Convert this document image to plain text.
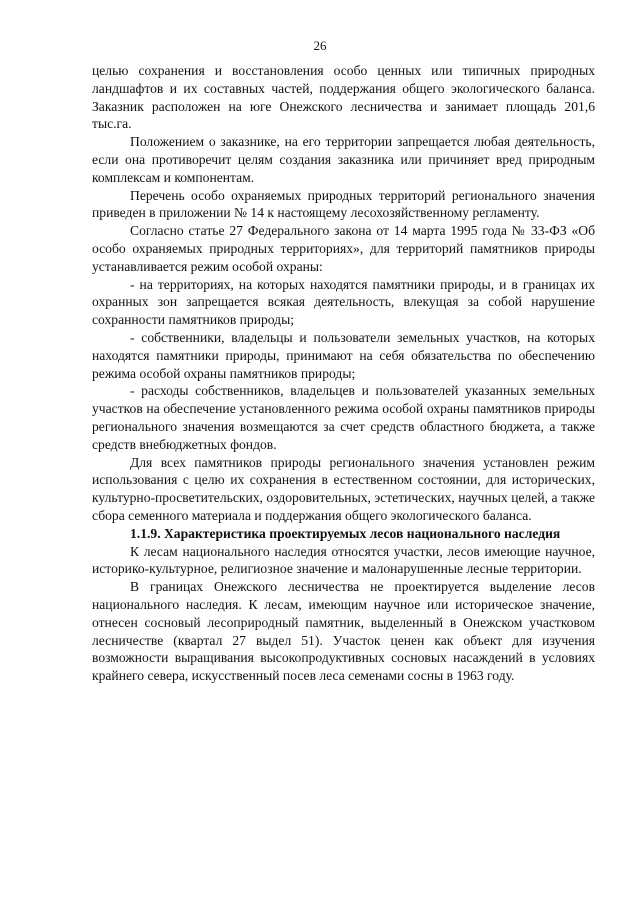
26

целью сохранения и восстановления особо ценных или типичных природных ландшафтов и их составных частей, поддержания общего экологического баланса. Заказник расположен на юге Онежского лесничества и занимает площадь 201,6 тыс.га.

Положением о заказнике, на его территории запрещается любая деятельность, если она противоречит целям создания заказника или причиняет вред природным комплексам и компонентам.

Перечень особо охраняемых природных территорий регионального значения приведен в приложении № 14 к настоящему лесохозяйственному регламенту.

Согласно статье 27 Федерального закона от 14 марта 1995 года № 33-ФЗ «Об особо охраняемых природных территориях», для территорий памятников природы устанавливается режим особой охраны:

- на территориях, на которых находятся памятники природы, и в границах их охранных зон запрещается всякая деятельность, влекущая за собой нарушение сохранности памятников природы;

- собственники, владельцы и пользователи земельных участков, на которых находятся памятники природы, принимают на себя обязательства по обеспечению режима особой охраны памятников природы;

- расходы собственников, владельцев и пользователей указанных земельных участков на обеспечение установленного режима особой охраны памятников природы регионального значения возмещаются за счет средств областного бюджета, а также средств внебюджетных фондов.

Для всех памятников природы регионального значения установлен режим использования с целю их сохранения в естественном состоянии, для исторических, культурно-просветительских, оздоровительных, эстетических, научных целей, а также сбора семенного материала и поддержания общего экологического баланса.

1.1.9. Характеристика проектируемых лесов национального наследия

К лесам национального наследия относятся участки, лесов имеющие научное, историко-культурное, религиозное значение и малонарушенные лесные территории.

В границах Онежского лесничества не проектируется выделение лесов национального наследия. К лесам, имеющим научное или историческое значение, отнесен сосновый лесоприродный памятник, выделенный в Онежском участковом лесничестве (квартал 27 выдел 51). Участок ценен как объект для изучения возможности выращивания высокопродуктивных сосновых насаждений в условиях крайнего севера, искусственный посев леса семенами сосны в 1963 году.
